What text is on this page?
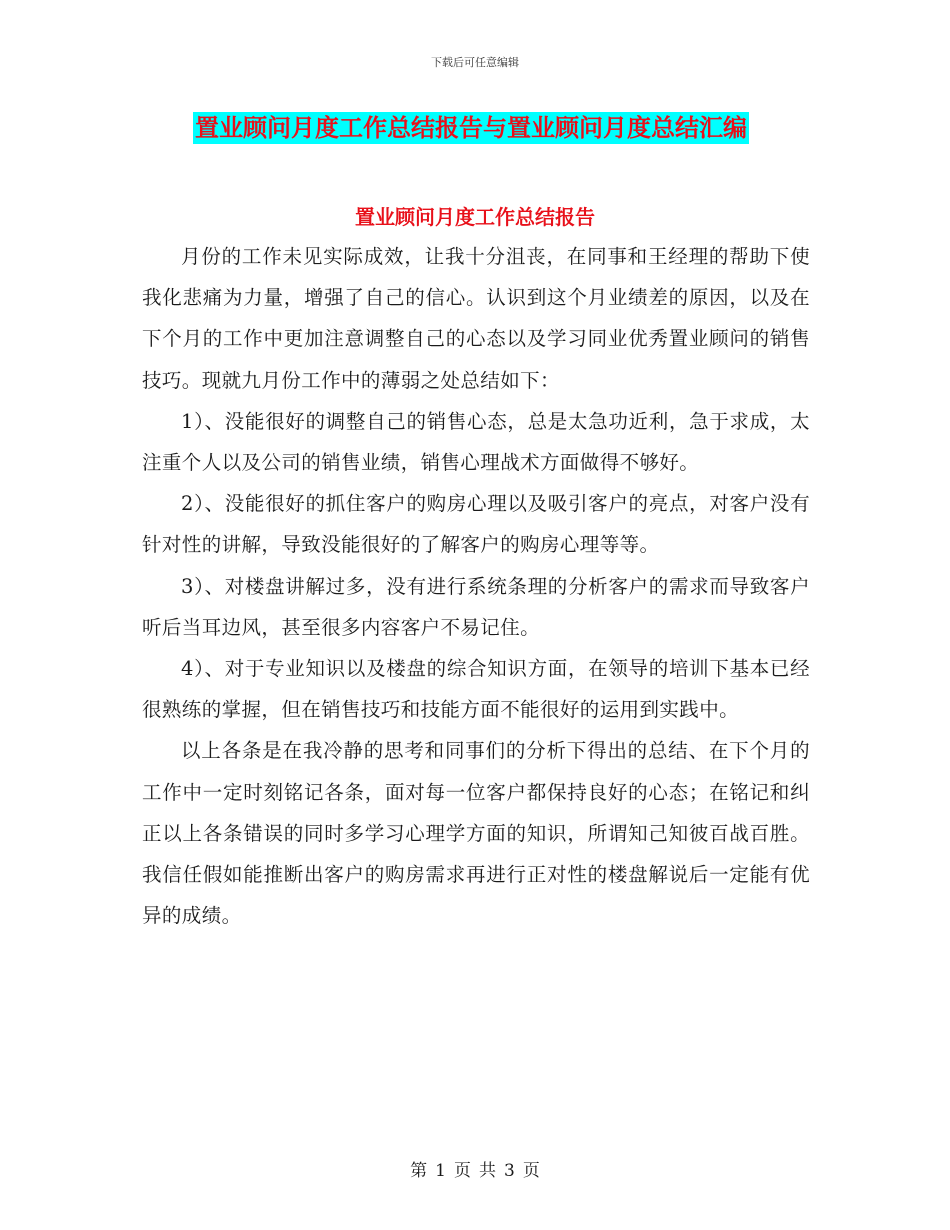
下载后可任意编辑
置业顾问月度工作总结报告与置业顾问月度总结汇编
置业顾问月度工作总结报告

月份的工作未见实际成效，让我十分沮丧，在同事和王经理的帮助下使我化悲痛为力量，增强了自己的信心。认识到这个月业绩差的原因，以及在下个月的工作中更加注意调整自己的心态以及学习同业优秀置业顾问的销售技巧。现就九月份工作中的薄弱之处总结如下：

1）、没能很好的调整自己的销售心态，总是太急功近利，急于求成，太注重个人以及公司的销售业绩，销售心理战术方面做得不够好。

2）、没能很好的抓住客户的购房心理以及吸引客户的亮点，对客户没有针对性的讲解，导致没能很好的了解客户的购房心理等等。

3）、对楼盘讲解过多，没有进行系统条理的分析客户的需求而导致客户听后当耳边风，甚至很多内容客户不易记住。

4）、对于专业知识以及楼盘的综合知识方面，在领导的培训下基本已经很熟练的掌握，但在销售技巧和技能方面不能很好的运用到实践中。

以上各条是在我冷静的思考和同事们的分析下得出的总结、在下个月的工作中一定时刻铭记各条，面对每一位客户都保持良好的心态；在铭记和纠正以上各条错误的同时多学习心理学方面的知识，所谓知己知彼百战百胜。我信任假如能推断出客户的购房需求再进行正对性的楼盘解说后一定能有优异的成绩。

第 1 页 共 3 页
